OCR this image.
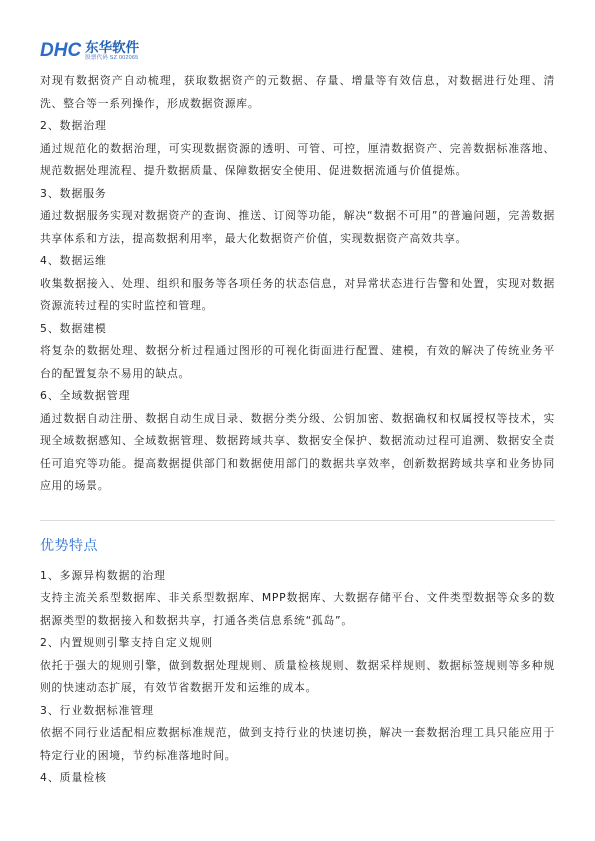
DHC 东华软件
股票代码 SZ 002065

对现有数据资产自动梳理，获取数据资产的元数据、存量、增量等有效信息，对数据进行处理、清洗、整合等一系列操作，形成数据资源库。

2、数据治理

通过规范化的数据治理，可实现数据资源的透明、可管、可控，厘清数据资产、完善数据标准落地、规范数据处理流程、提升数据质量、保障数据安全使用、促进数据流通与价值提炼。

3、数据服务

通过数据服务实现对数据资产的查询、推送、订阅等功能，解决“数据不可用”的普遍问题，完善数据共享体系和方法，提高数据利用率，最大化数据资产价值，实现数据资产高效共享。

4、数据运维

收集数据接入、处理、组织和服务等各项任务的状态信息，对异常状态进行告警和处置，实现对数据资源流转过程的实时监控和管理。

5、数据建模

将复杂的数据处理、数据分析过程通过图形的可视化街面进行配置、建模，有效的解决了传统业务平台的配置复杂不易用的缺点。

6、全域数据管理

通过数据自动注册、数据自动生成目录、数据分类分级、公钥加密、数据确权和权属授权等技术，实现全域数据感知、全域数据管理、数据跨域共享、数据安全保护、数据流动过程可追溯、数据安全责任可追究等功能。提高数据提供部门和数据使用部门的数据共享效率，创新数据跨域共享和业务协同应用的场景。

优势特点

1、多源异构数据的治理

支持主流关系型数据库、非关系型数据库、MPP数据库、大数据存储平台、文件类型数据等众多的数据源类型的数据接入和数据共享，打通各类信息系统“孤岛”。

2、内置规则引擎支持自定义规则

依托于强大的规则引擎，做到数据处理规则、质量检核规则、数据采样规则、数据标签规则等多种规则的快速动态扩展，有效节省数据开发和运维的成本。

3、行业数据标准管理

依据不同行业适配相应数据标准规范，做到支持行业的快速切换，解决一套数据治理工具只能应用于特定行业的困境，节约标准落地时间。

4、质量检核
